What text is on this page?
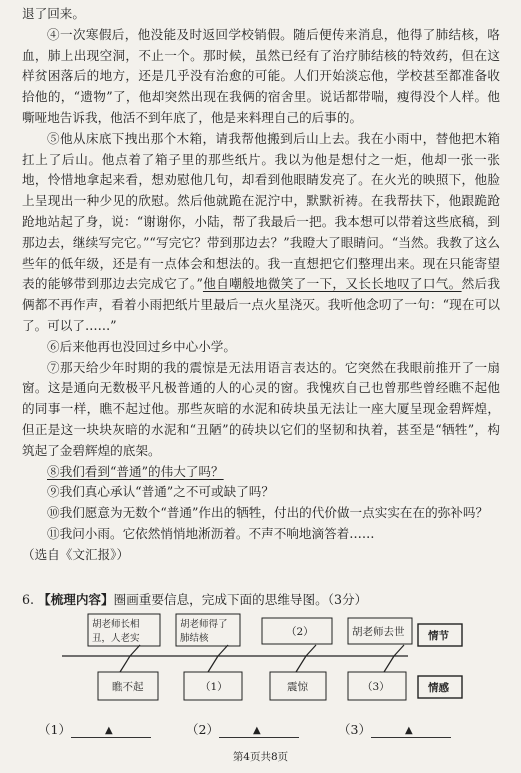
退了回来。

④一次寒假后，他没能及时返回学校销假。随后便传来消息，他得了肺结核，咯血，肺上出现空洞，不止一个。那时候，虽然已经有了治疗肺结核的特效药，但在这样贫困落后的地方，还是几乎没有治愈的可能。人们开始淡忘他，学校甚至都准备收拾他的，“遗物”了，他却突然出现在我俩的宿舍里。说话都带喘，瘦得没个人样。他嘶哑地告诉我，他活不到年底了，他是来料理自己的后事的。

⑤他从床底下拽出那个木箱，请我帮他搬到后山上去。我在小雨中，替他把木箱扛上了后山。他点着了箱子里的那些纸片。我以为他是想付之一炬，他却一张一张地，怜惜地拿起来看，想劝慰他几句，却看到他眼睛发亮了。在火光的映照下，他脸上呈现出一种少见的欣慰。然后他就跪在泥泞中，默默祈祷。在我帮扶下，他跟跪跄跄地站起了身，说：“谢谢你，小陆，帮了我最后一把。我本想可以带着这些底稿，到那边去，继续写完它。”“写完它？带到那边去？”我瞪大了眼睛问。“当然。我教了这么些年的低年级，还是有一点体会和想法的。我一直想把它们整理出来。现在只能寄望表的能够带到那边去完成它了。”他自嘲般地微笑了一下，又长长地叹了口气。然后我俩都不再作声，看着小雨把纸片里最后一点火星浇灭。我听他念叨了一句：“现在可以了。可以了……”

⑥后来他再也没回过乡中心小学。

⑦那天给少年时期的我的震惊是无法用语言表达的。它突然在我眼前推开了一扇窗。这是通向无数极平凡极普通的人的心灵的窗。我愧疚自己也曾那些曾经瞧不起他的同事一样，瞧不起过他。那些灰暗的水泥和砖块虽无法让一座大厦呈现金碧辉煌，但正是这一块块灰暗的水泥和“丑陋”的砖块以它们的坚韧和执着，甚至是“牺牲”，构筑起了金碧辉煌的底架。

⑧我们看到“普通”的伟大了吗？

⑨我们真心承认“普通”之不可或缺了吗？

⑩我们愿意为无数个“普通”作出的牺牲，付出的代价做一点实实在在的弥补吗？

⑪我问小雨。它依然悄悄地淅沥着。不声不响地滴答着……

（选自《文汇报》）

6. 【梳理内容】圈画重要信息，完成下面的思维导图。（3分）
胡老师长相
丑，人老实
胡老师得了
肺结核
（2）	胡老师去世 情节
瞧不起	（1）	震惊	（3）	情感
（1）	▲	（2）	▲	（3）	▲
第4页共8页
